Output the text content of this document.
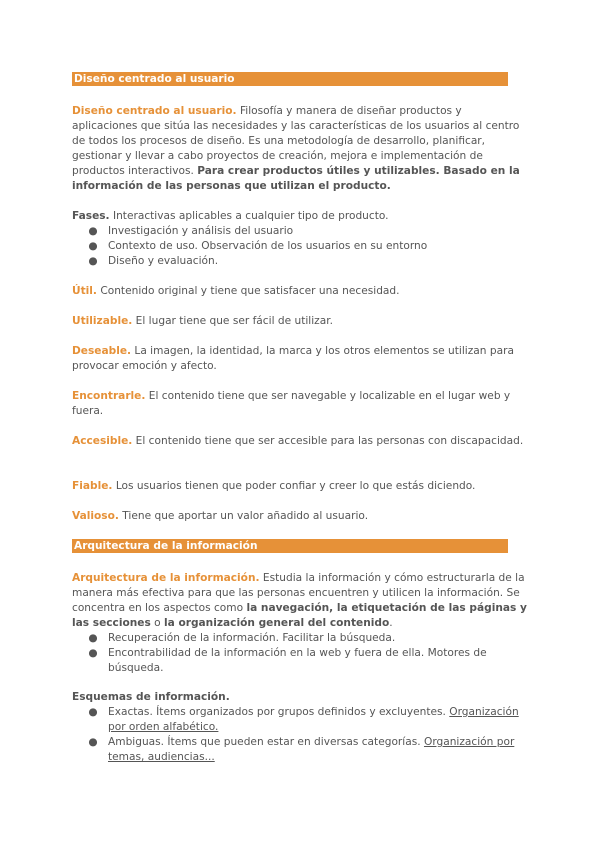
Diseño centrado al usuario

Diseño centrado al usuario. Filosofía y manera de diseñar productos y aplicaciones que sitúa las necesidades y las características de los usuarios al centro de todos los procesos de diseño. Es una metodología de desarrollo, planificar, gestionar y llevar a cabo proyectos de creación, mejora e implementación de productos interactivos. Para crear productos útiles y utilizables. Basado en la información de las personas que utilizan el producto.

Fases. Interactivas aplicables a cualquier tipo de producto.
● Investigación y análisis del usuario
● Contexto de uso. Observación de los usuarios en su entorno
● Diseño y evaluación.

Útil. Contenido original y tiene que satisfacer una necesidad.

Utilizable. El lugar tiene que ser fácil de utilizar.

Deseable. La imagen, la identidad, la marca y los otros elementos se utilizan para provocar emoción y afecto.

Encontrarle. El contenido tiene que ser navegable y localizable en el lugar web y fuera.

Accesible. El contenido tiene que ser accesible para las personas con discapacidad.

Fiable. Los usuarios tienen que poder confiar y creer lo que estás diciendo.

Valioso. Tiene que aportar un valor añadido al usuario.

Arquitectura de la información

Arquitectura de la información. Estudia la información y cómo estructurarla de la manera más efectiva para que las personas encuentren y utilicen la información. Se concentra en los aspectos como la navegación, la etiquetación de las páginas y las secciones o la organización general del contenido.

● Recuperación de la información. Facilitar la búsqueda.
● Encontrabilidad de la información en la web y fuera de ella. Motores de búsqueda.
Esquemas de información.
● Exactas. Ítems organizados por grupos definidos y excluyentes. Organización por orden alfabético.
● Ambiguas. Ítems que pueden estar en diversas categorías. Organización por temas, audiencias...
